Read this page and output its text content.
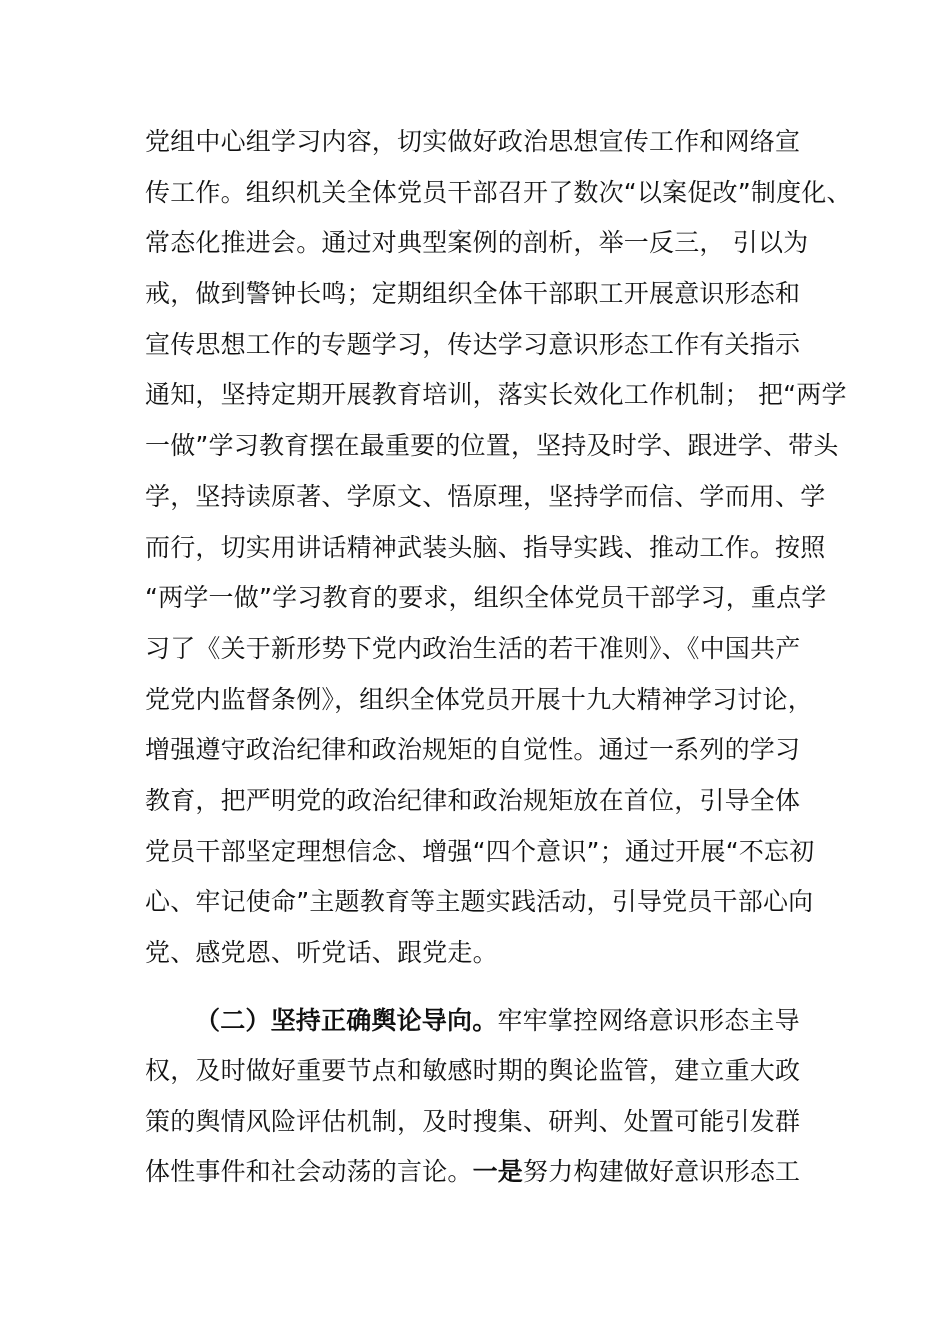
党组中心组学习内容，切实做好政治思想宣传工作和网络宣
传工作。组织机关全体党员干部召开了数次“以案促改”制度化、
常态化推进会。通过对典型案例的剖析，举一反三， 引以为
戒，做到警钟长鸣；定期组织全体干部职工开展意识形态和
宣传思想工作的专题学习，传达学习意识形态工作有关指示
通知，坚持定期开展教育培训，落实长效化工作机制； 把“两学
一做”学习教育摆在最重要的位置，坚持及时学、跟进学、带头
学，坚持读原著、学原文、悟原理，坚持学而信、学而用、学
而行，切实用讲话精神武装头脑、指导实践、推动工作。按照
“两学一做”学习教育的要求，组织全体党员干部学习，重点学
习了《关于新形势下党内政治生活的若干准则》、《中国共产
党党内监督条例》，组织全体党员开展十九大精神学习讨论，
增强遵守政治纪律和政治规矩的自觉性。通过一系列的学习
教育，把严明党的政治纪律和政治规矩放在首位，引导全体
党员干部坚定理想信念、增强“四个意识”；通过开展“不忘初
心、牢记使命”主题教育等主题实践活动，引导党员干部心向
党、感党恩、听党话、跟党走。
（二）坚持正确舆论导向。牢牢掌控网络意识形态主导
权，及时做好重要节点和敏感时期的舆论监管，建立重大政
策的舆情风险评估机制，及时搜集、研判、处置可能引发群
体性事件和社会动荡的言论。一是努力构建做好意识形态工
